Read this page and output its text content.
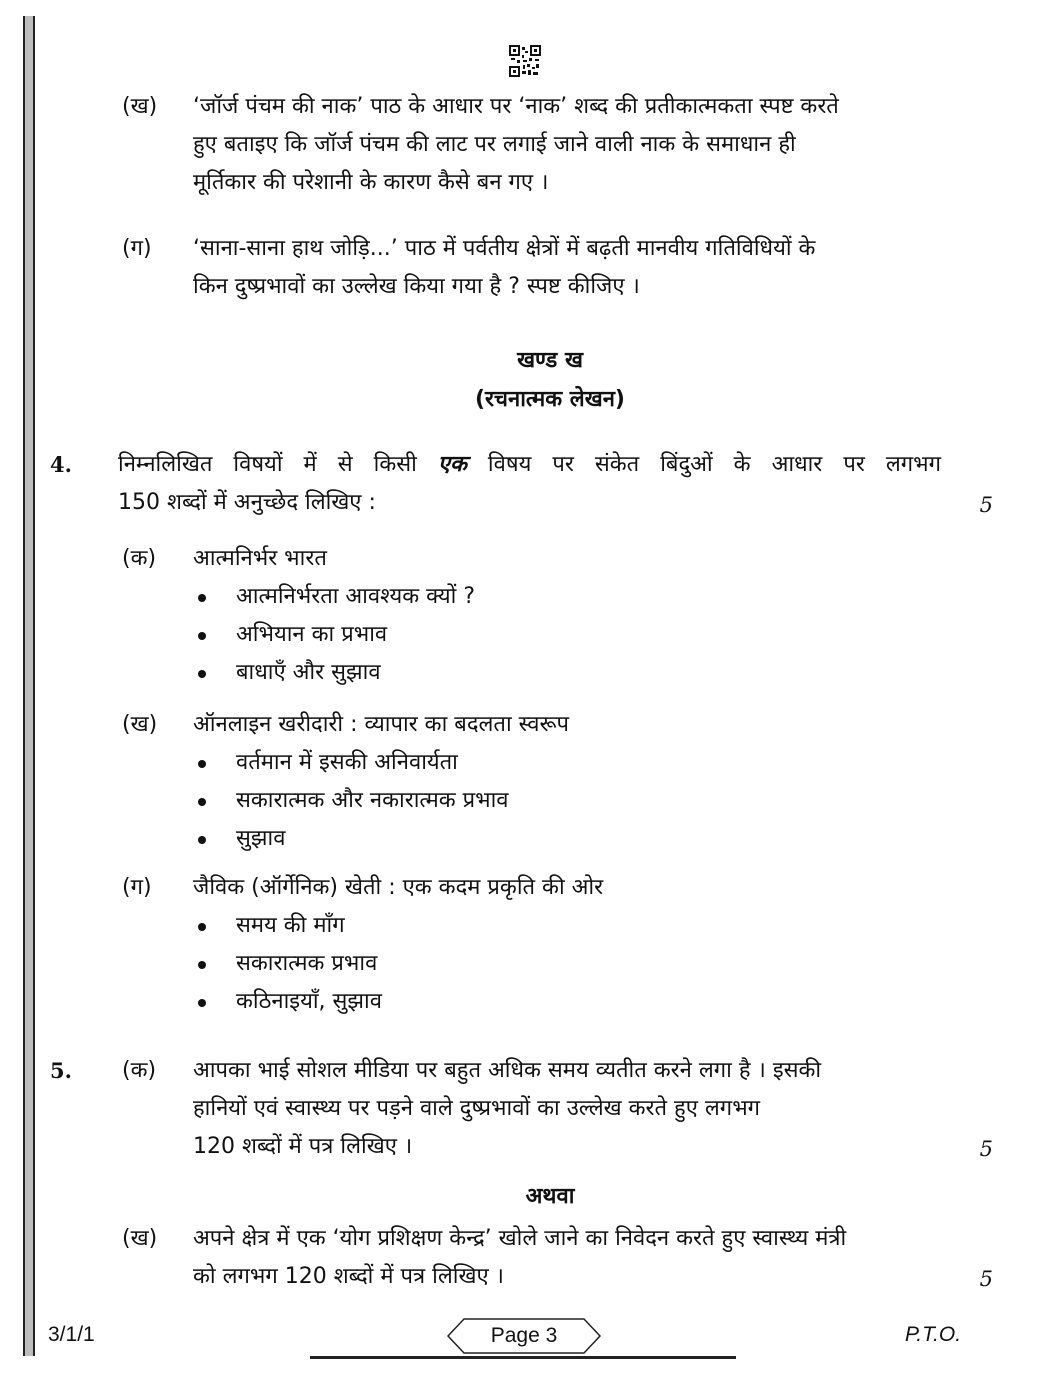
(ख) ‘जॉर्ज पंचम की नाक’ पाठ के आधार पर ‘नाक’ शब्द की प्रतीकात्मकता स्पष्ट करते
हुए बताइए कि जॉर्ज पंचम की लाट पर लगाई जाने वाली नाक के समाधान ही
मूर्तिकार की परेशानी के कारण कैसे बन गए ।
(ग) ‘साना-साना हाथ जोड़ि...’ पाठ में पर्वतीय क्षेत्रों में बढ़ती मानवीय गतिविधियों के
किन दुष्प्रभावों का उल्लेख किया गया है ? स्पष्ट कीजिए ।
खण्ड ख
(रचनात्मक लेखन)
4. निम्नलिखित विषयों में से किसी एक विषय पर संकेत बिंदुओं के आधार पर लगभग
150 शब्दों में अनुच्छेद लिखिए :	5
(क) आत्मनिर्भर भारत
आत्मनिर्भरता आवश्यक क्यों ?
अभियान का प्रभाव
बाधाएँ और सुझाव
(ख) ऑनलाइन खरीदारी : व्यापार का बदलता स्वरूप
वर्तमान में इसकी अनिवार्यता
सकारात्मक और नकारात्मक प्रभाव
सुझाव
(ग) जैविक (ऑर्गेनिक) खेती : एक कदम प्रकृति की ओर
समय की माँग
सकारात्मक प्रभाव
कठिनाइयाँ, सुझाव
5. (क) आपका भाई सोशल मीडिया पर बहुत अधिक समय व्यतीत करने लगा है । इसकी
हानियों एवं स्वास्थ्य पर पड़ने वाले दुष्प्रभावों का उल्लेख करते हुए लगभग
120 शब्दों में पत्र लिखिए ।	5
अथवा
(ख) अपने क्षेत्र में एक ‘योग प्रशिक्षण केन्द्र’ खोले जाने का निवेदन करते हुए स्वास्थ्य मंत्री
को लगभग 120 शब्दों में पत्र लिखिए ।	5
3/1/1	Page 3	P.T.O.
